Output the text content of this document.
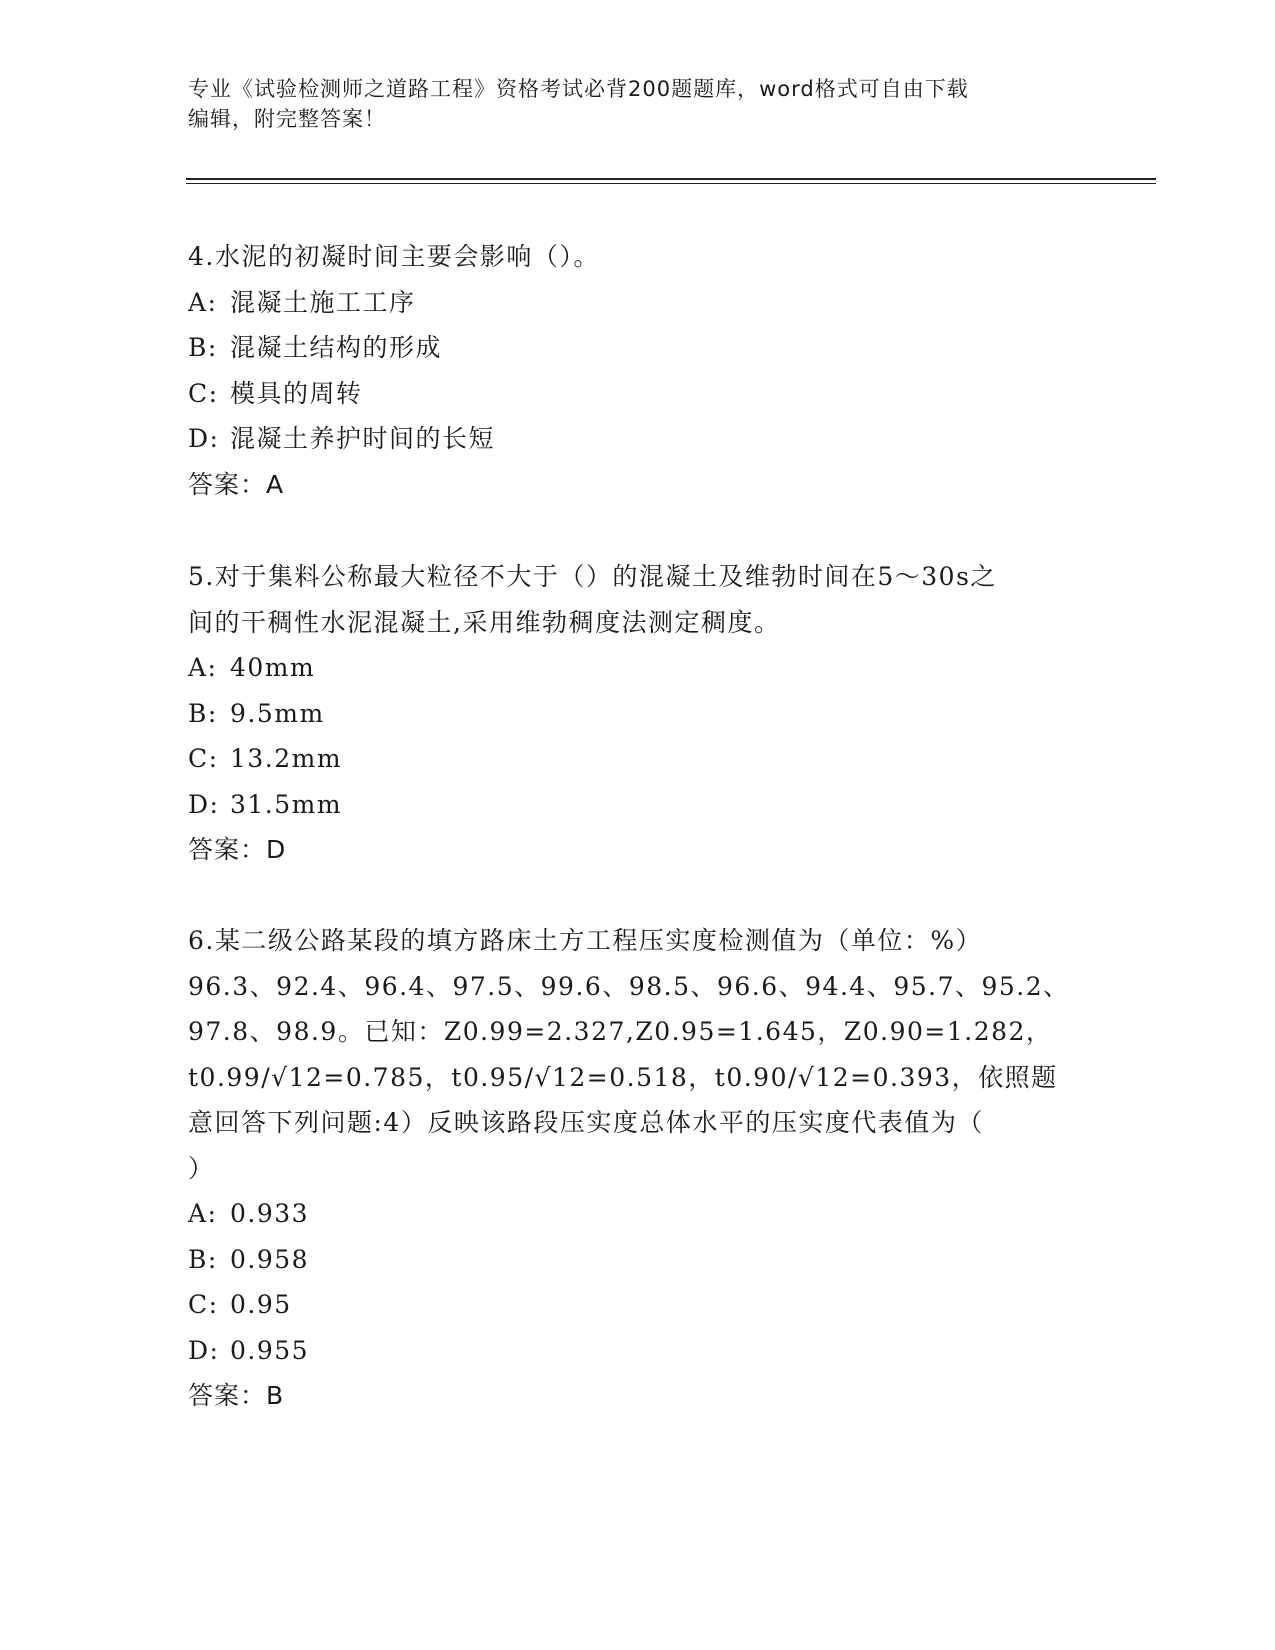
专业《试验检测师之道路工程》资格考试必背200题题库，word格式可自由下载
编辑，附完整答案！
4.水泥的初凝时间主要会影响（）。
A: 混凝土施工工序
B: 混凝土结构的形成
C: 模具的周转
D: 混凝土养护时间的长短
答案：A
5.对于集料公称最大粒径不大于（）的混凝土及维勃时间在5～30s之
间的干稠性水泥混凝土,采用维勃稠度法测定稠度。
A: 40mm
B: 9.5mm
C: 13.2mm
D: 31.5mm
答案：D
6.某二级公路某段的填方路床土方工程压实度检测值为（单位：%）
96.3、92.4、96.4、97.5、99.6、98.5、96.6、94.4、95.7、95.2、
97.8、98.9。已知：Z0.99=2.327,Z0.95=1.645，Z0.90=1.282，
t0.99/√12=0.785，t0.95/√12=0.518，t0.90/√12=0.393，依照题
意回答下列问题:4）反映该路段压实度总体水平的压实度代表值为（
）
A: 0.933
B: 0.958
C: 0.95
D: 0.955
答案：B
